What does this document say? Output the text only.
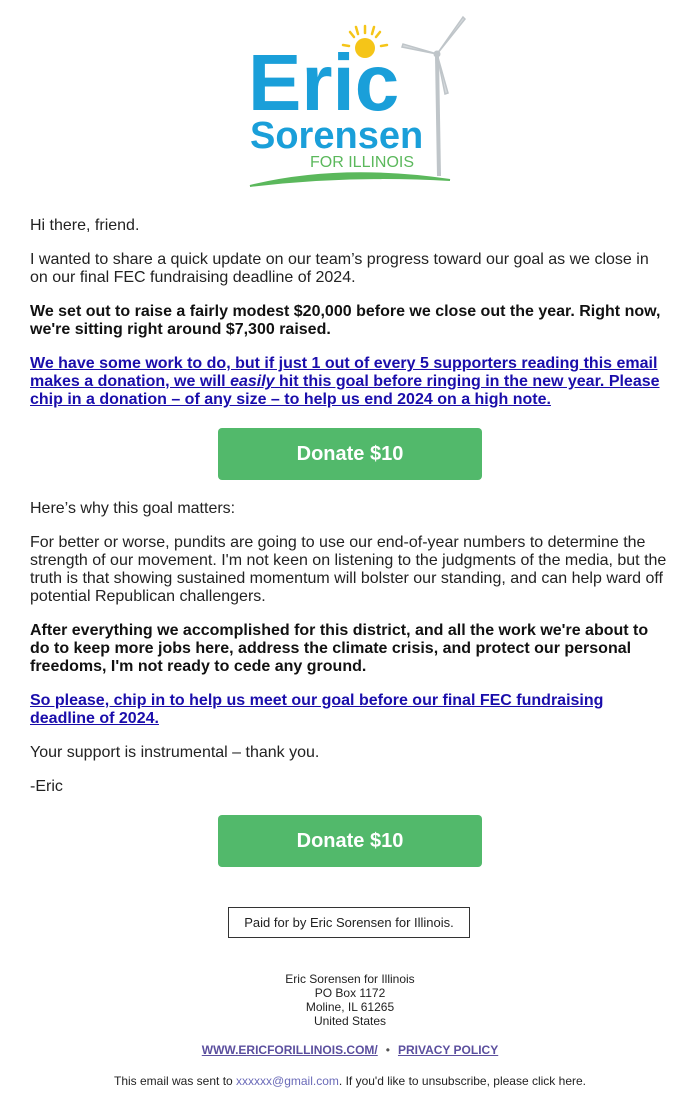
Eric
Sorensen
FOR ILLINOIS

Hi there, friend.

I wanted to share a quick update on our team’s progress toward our goal as we close in on our final FEC fundraising deadline of 2024.

We set out to raise a fairly modest $20,000 before we close out the year. Right now, we're sitting right around $7,300 raised.

We have some work to do, but if just 1 out of every 5 supporters reading this email makes a donation, we will easily hit this goal before ringing in the new year. Please chip in a donation – of any size – to help us end 2024 on a high note.

Here’s why this goal matters:

For better or worse, pundits are going to use our end-of-year numbers to determine the strength of our movement. I'm not keen on listening to the judgments of the media, but the truth is that showing sustained momentum will bolster our standing, and can help ward off potential Republican challengers.

After everything we accomplished for this district, and all the work we're about to do to keep more jobs here, address the climate crisis, and protect our personal freedoms, I'm not ready to cede any ground.

So please, chip in to help us meet our goal before our final FEC fundraising deadline of 2024.

Your support is instrumental – thank you.

-Eric

Donate $10
Donate $10
Paid for by Eric Sorensen for Illinois.
Eric Sorensen for Illinois
PO Box 1172
Moline, IL 61265
United States
WWW.ERICFORILLINOIS.COM/ • PRIVACY POLICY
This email was sent to xxxxxx@gmail.com. If you'd like to unsubscribe, please click here.
